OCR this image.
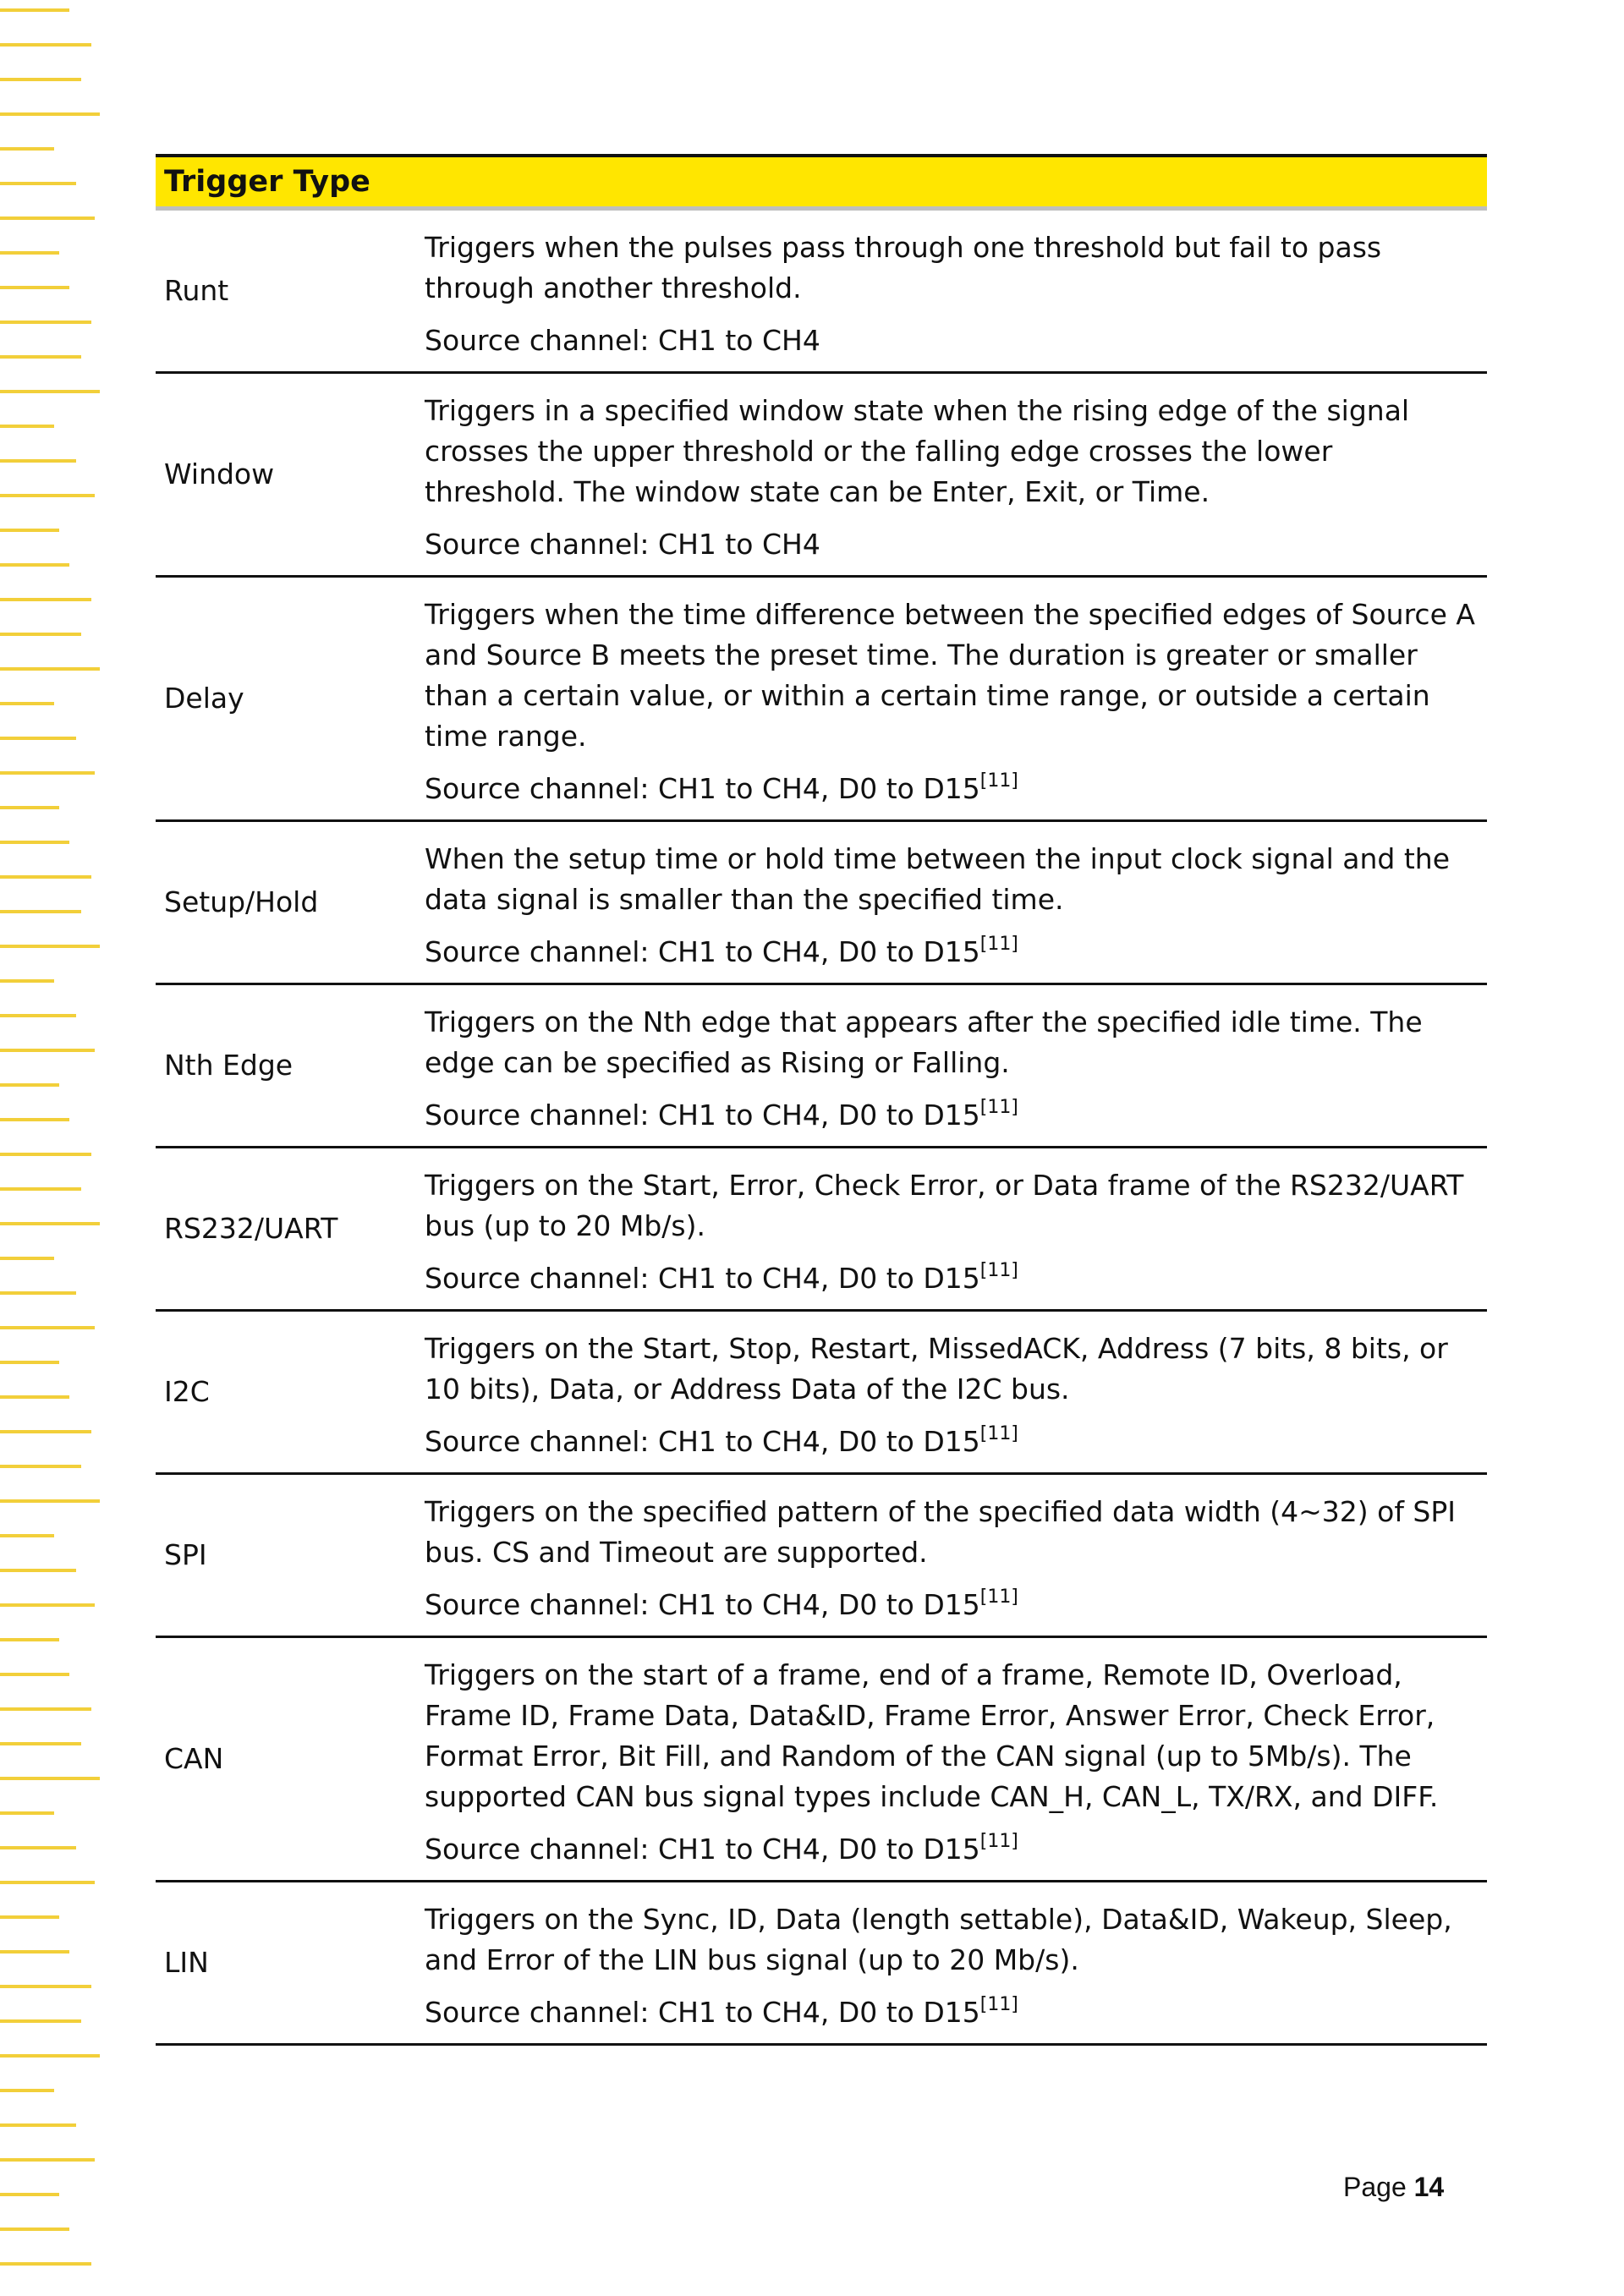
Trigger Type	
Runt	Triggers when the pulses pass through one threshold but fail to pass through another threshold.
Source channel: CH1 to CH4

Window	Triggers in a specified window state when the rising edge of the signal crosses the upper threshold or the falling edge crosses the lower threshold. The window state can be Enter, Exit, or Time.
Source channel: CH1 to CH4

Delay	Triggers when the time difference between the specified edges of Source A and Source B meets the preset time. The duration is greater or smaller than a certain value, or within a certain time range, or outside a certain time range.
Source channel: CH1 to CH4, D0 to D15[11]

Setup/Hold	When the setup time or hold time between the input clock signal and the data signal is smaller than the specified time.
Source channel: CH1 to CH4, D0 to D15[11]

Nth Edge	Triggers on the Nth edge that appears after the specified idle time. The edge can be specified as Rising or Falling.
Source channel: CH1 to CH4, D0 to D15[11]

RS232/UART	Triggers on the Start, Error, Check Error, or Data frame of the RS232/UART bus (up to 20 Mb/s).
Source channel: CH1 to CH4, D0 to D15[11]

I2C	Triggers on the Start, Stop, Restart, MissedACK, Address (7 bits, 8 bits, or 10 bits), Data, or Address Data of the I2C bus.
Source channel: CH1 to CH4, D0 to D15[11]

SPI	Triggers on the specified pattern of the specified data width (4~32) of SPI bus. CS and Timeout are supported.
Source channel: CH1 to CH4, D0 to D15[11]

CAN	Triggers on the start of a frame, end of a frame, Remote ID, Overload, Frame ID, Frame Data, Data&ID, Frame Error, Answer Error, Check Error, Format Error, Bit Fill, and Random of the CAN signal (up to 5Mb/s). The supported CAN bus signal types include CAN_H, CAN_L, TX/RX, and DIFF.
Source channel: CH1 to CH4, D0 to D15[11]

LIN	Triggers on the Sync, ID, Data (length settable), Data&ID, Wakeup, Sleep, and Error of the LIN bus signal (up to 20 Mb/s).
Source channel: CH1 to CH4, D0 to D15[11]
Page 14
